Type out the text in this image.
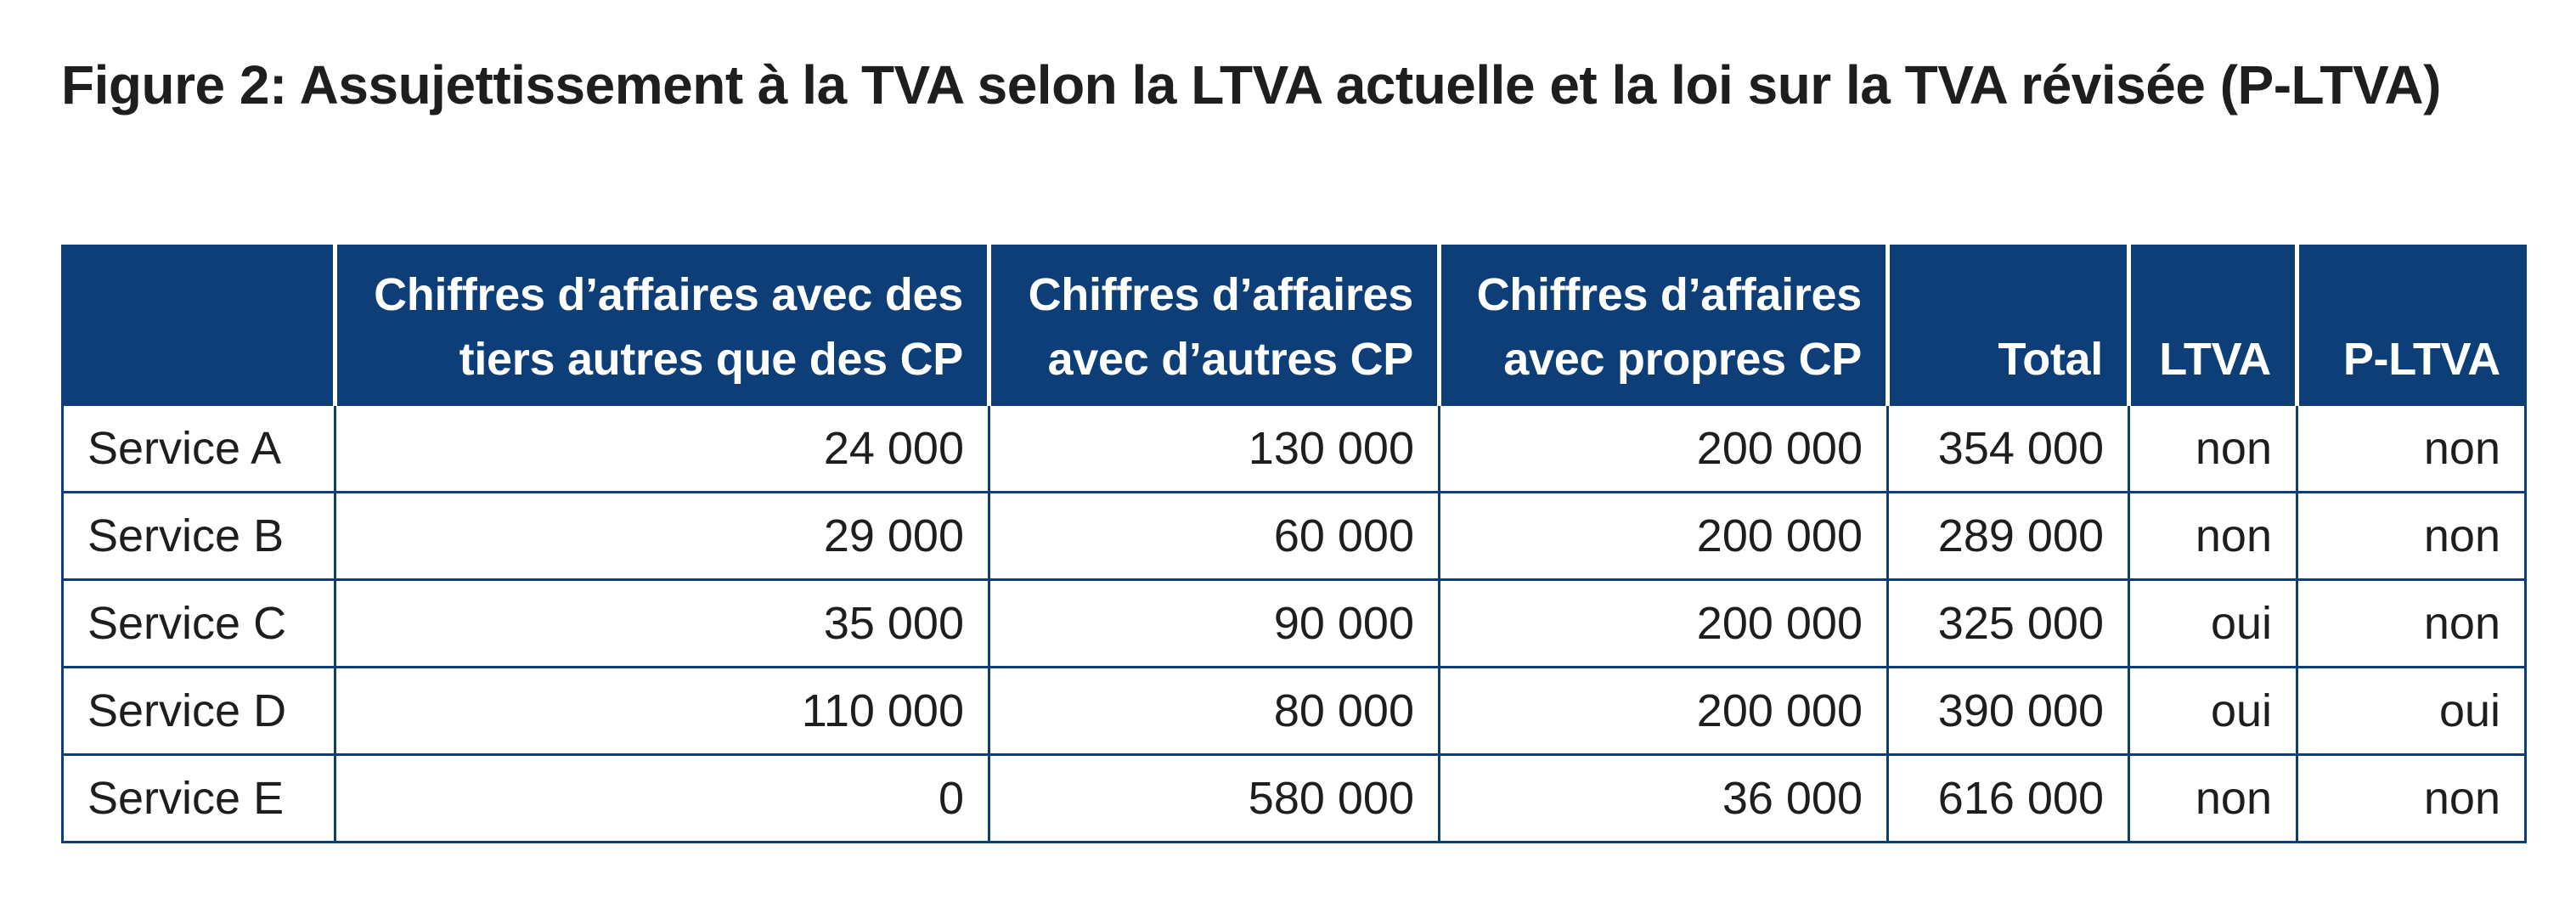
Figure 2: Assujettissement à la TVA selon la LTVA actuelle et la loi sur la TVA révisée (P-LTVA)
	Chiffres d’affaires avec des tiers autres que des CP	Chiffres d’affaires avec d’autres CP	Chiffres d’affaires avec propres CP	Total	LTVA	P-LTVA
Service A	24 000	130 000	200 000	354 000	non	non
Service B	29 000	60 000	200 000	289 000	non	non
Service C	35 000	90 000	200 000	325 000	oui	non
Service D	110 000	80 000	200 000	390 000	oui	oui
Service E	0	580 000	36 000	616 000	non	non
